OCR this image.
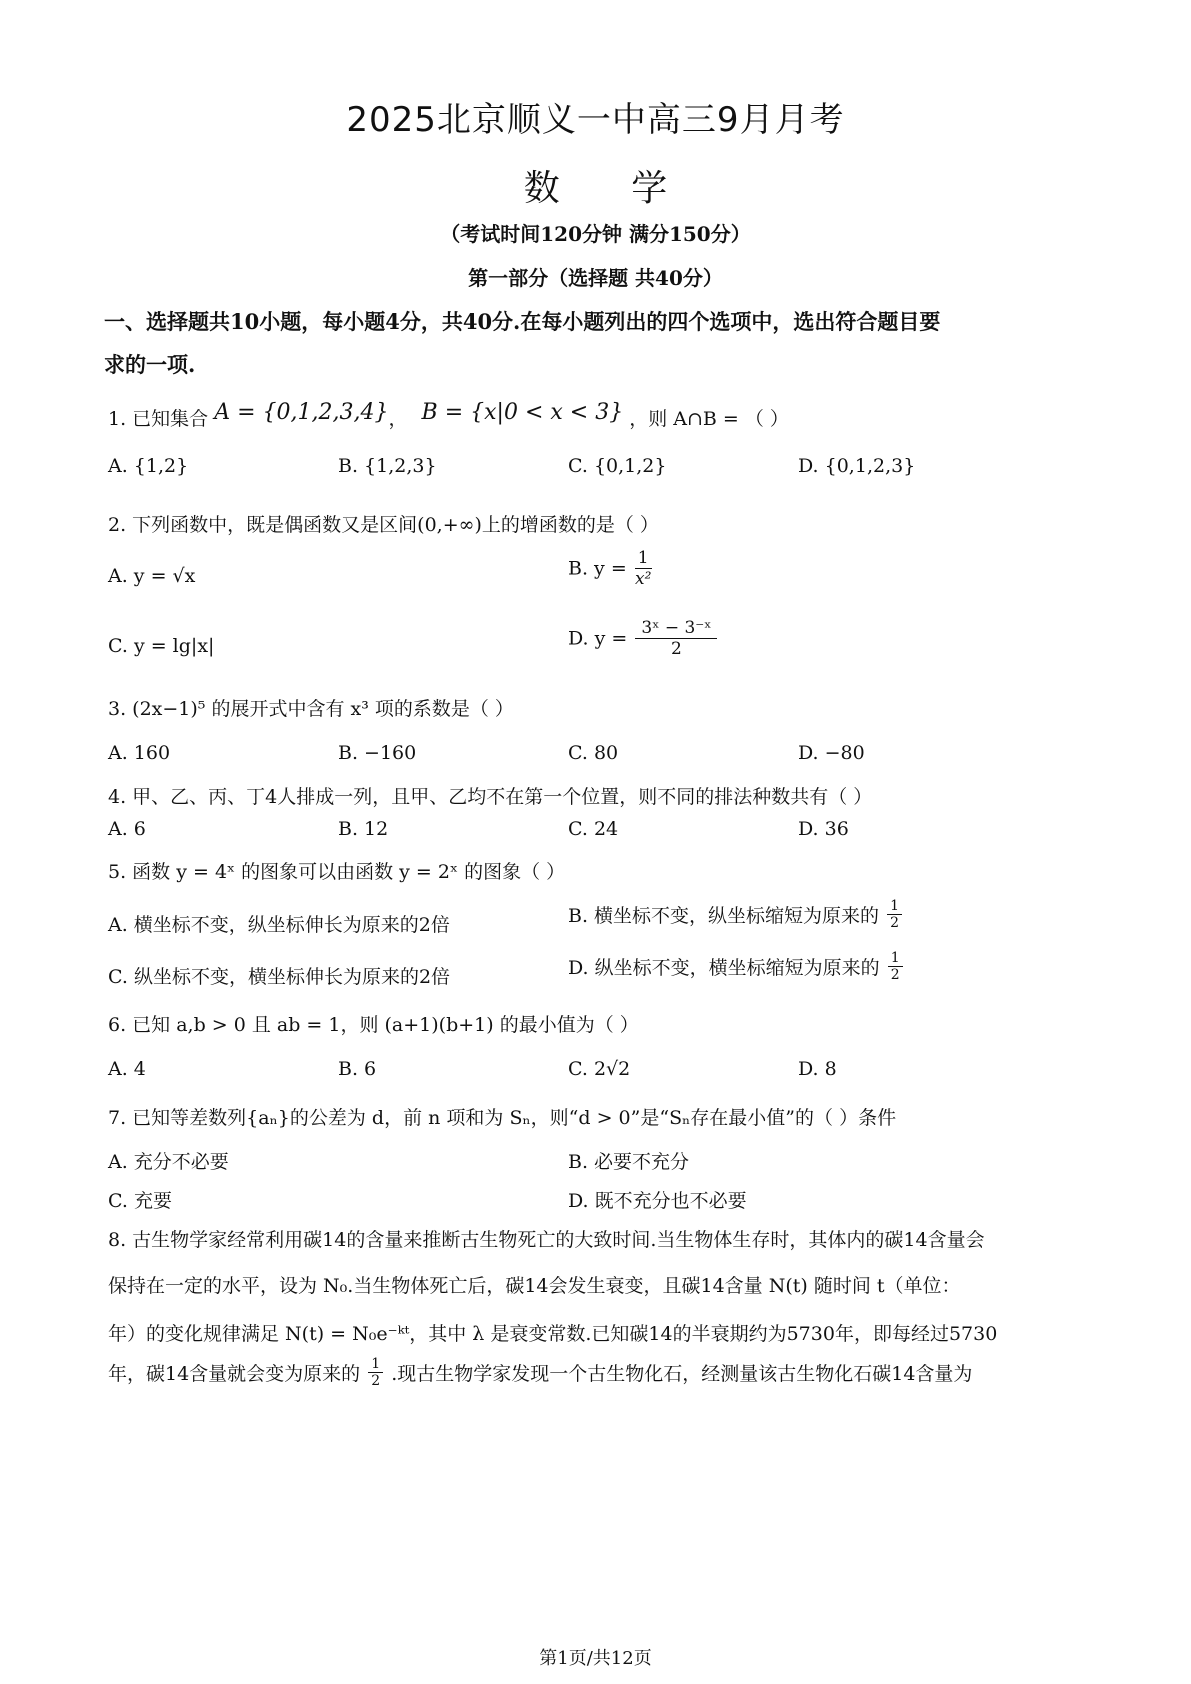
2025北京顺义一中高三9月月考
数 学
（考试时间120分钟 满分150分）
第一部分（选择题 共40分）
一、选择题共10小题，每小题4分，共40分.在每小题列出的四个选项中，选出符合题目要
求的一项.
1. 已知集合 A = {0,1,2,3,4}， B = {x|0 < x < 3} ，则 A∩B = （ ）
A. {1,2}	B. {1,2,3}	C. {0,1,2}	D. {0,1,2,3}
2. 下列函数中，既是偶函数又是区间(0,+∞)上的增函数的是（ ）
A. y = √x	B. $y = \frac{1}{\text{x²}}$
C. y = lg|x|	D. $y = \frac{\text{3ˣ − 3⁻ˣ}}{2}$
3. (2x−1)⁵ 的展开式中含有 x³ 项的系数是（ ）
A. 160	B. −160	C. 80	D. −80
4. 甲、乙、丙、丁4人排成一列，且甲、乙均不在第一个位置，则不同的排法种数共有（ ）
A. 6	B. 12	C. 24	D. 36
5. 函数 y = 4ˣ 的图象可以由函数 y = 2ˣ 的图象（ ）
A. 横坐标不变，纵坐标伸长为原来的2倍	B. 横坐标不变，纵坐标缩短为原来的 $\frac{1}{2}$
C. 纵坐标不变，横坐标伸长为原来的2倍	D. 纵坐标不变，横坐标缩短为原来的 $\frac{1}{2}$
6. 已知 a,b > 0 且 ab = 1，则 (a+1)(b+1) 的最小值为（ ）
A. 4	B. 6	C. 2√2	D. 8
7. 已知等差数列{aₙ}的公差为 d，前 n 项和为 Sₙ，则“d > 0”是“Sₙ存在最小值”的（ ）条件
A. 充分不必要	B. 必要不充分
C. 充要	D. 既不充分也不必要
8. 古生物学家经常利用碳14的含量来推断古生物死亡的大致时间.当生物体生存时，其体内的碳14含量会
保持在一定的水平，设为 N₀.当生物体死亡后，碳14会发生衰变，且碳14含量 N(t) 随时间 t（单位：
年）的变化规律满足 N(t) = N₀e⁻ᵏᵗ，其中 λ 是衰变常数.已知碳14的半衰期约为5730年，即每经过5730
年，碳14含量就会变为原来的 $\frac{1}{2}$ .现古生物学家发现一个古生物化石，经测量该古生物化石碳14含量为
第1页/共12页
